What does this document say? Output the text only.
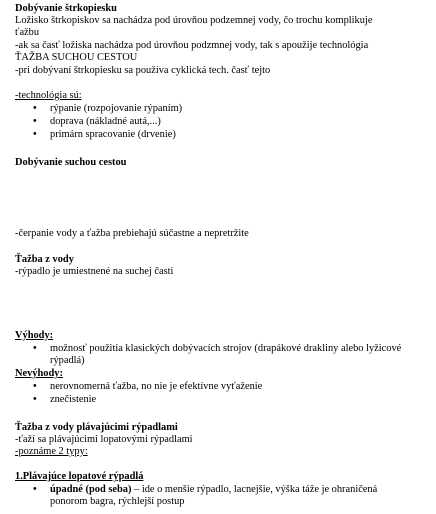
Dobývanie štrkopiesku
Ložisko štrkopiskov sa nachádza pod úrovňou podzemnej vody, čo trochu komplikuje
ťažbu
-ak sa časť ložiska nachádza pod úrovňou podzmnej vody, tak s apoužije technológia
ŤAŽBA SUCHOU CESTOU
-pri dobývaní štrkopiesku sa používa cyklická tech. časť tejto
-technológia sú:
rýpanie (rozpojovanie rýpaním)
doprava (nákladné autá,...)
primárn spracovanie (drvenie)
Dobývanie suchou cestou
-čerpanie vody a ťažba prebiehajú súčastne a nepretržite
Ťažba z vody
-rýpadlo je umiestnené na suchej časti
Výhody:
možnosť použitia klasických dobývacích strojov (drapákové drakliny alebo lyžicové rýpadlá)
Nevýhody:
nerovnomerná ťažba, no nie je efektívne vyťaženie
znečistenie
Ťažba z vody plávajúcimi rýpadlami
-ťaží sa plávajúcimi lopatovými rýpadlami
-poznáme 2 typy:
1.Plávajúce lopatové rýpadlá
úpadné (pod seba) – ide o menšie rýpadlo, lacnejšie, výška táže je ohraničená ponorom bagra, rýchlejší postup
